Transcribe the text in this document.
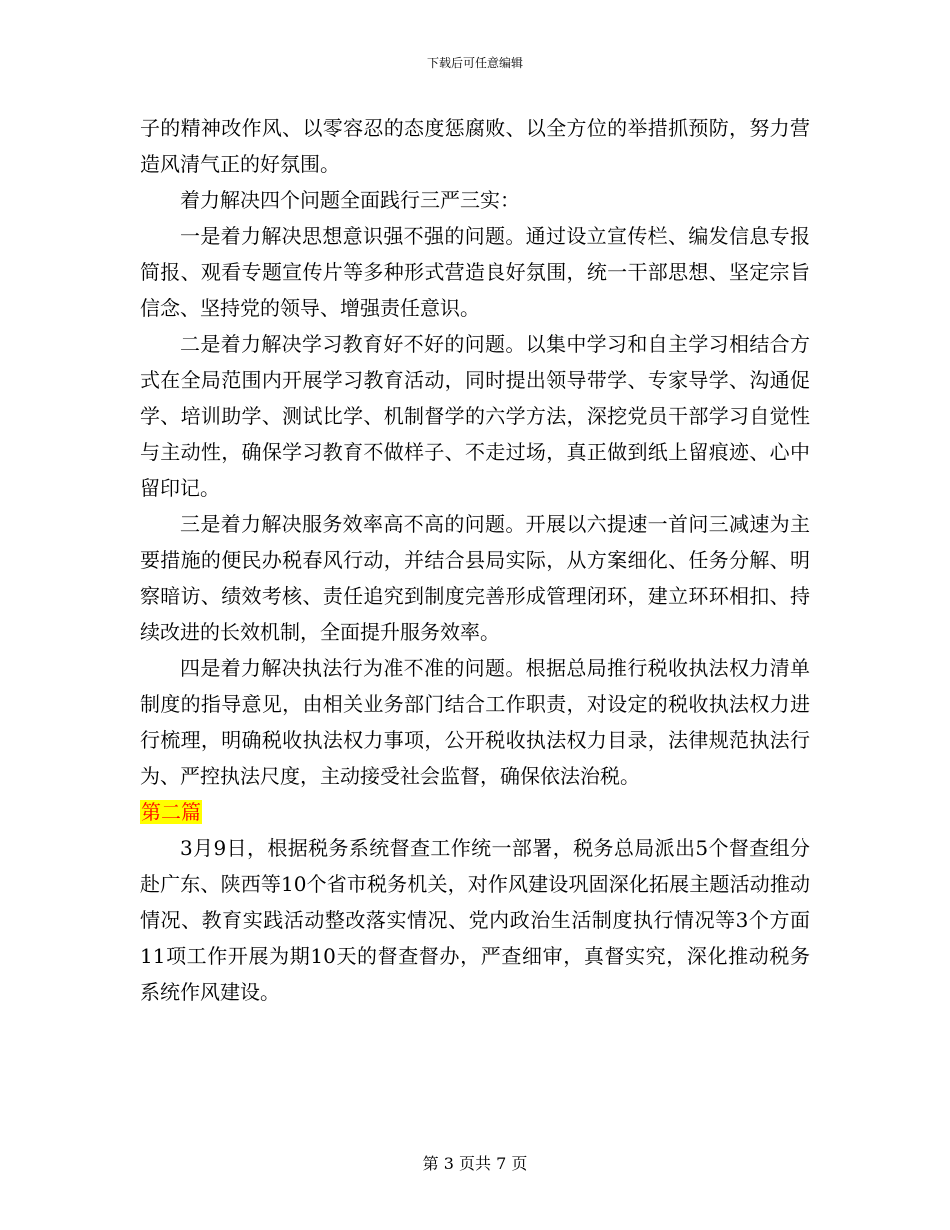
下载后可任意编辑

子的精神改作风、以零容忍的态度惩腐败、以全方位的举措抓预防，努力营造风清气正的好氛围。

着力解决四个问题全面践行三严三实：

一是着力解决思想意识强不强的问题。通过设立宣传栏、编发信息专报简报、观看专题宣传片等多种形式营造良好氛围，统一干部思想、坚定宗旨信念、坚持党的领导、增强责任意识。

二是着力解决学习教育好不好的问题。以集中学习和自主学习相结合方式在全局范围内开展学习教育活动，同时提出领导带学、专家导学、沟通促学、培训助学、测试比学、机制督学的六学方法，深挖党员干部学习自觉性与主动性，确保学习教育不做样子、不走过场，真正做到纸上留痕迹、心中留印记。

三是着力解决服务效率高不高的问题。开展以六提速一首问三减速为主要措施的便民办税春风行动，并结合县局实际，从方案细化、任务分解、明察暗访、绩效考核、责任追究到制度完善形成管理闭环，建立环环相扣、持续改进的长效机制，全面提升服务效率。

四是着力解决执法行为准不准的问题。根据总局推行税收执法权力清单制度的指导意见，由相关业务部门结合工作职责，对设定的税收执法权力进行梳理，明确税收执法权力事项，公开税收执法权力目录，法律规范执法行为、严控执法尺度，主动接受社会监督，确保依法治税。

第二篇

3月9日，根据税务系统督查工作统一部署，税务总局派出5个督查组分赴广东、陕西等10个省市税务机关，对作风建设巩固深化拓展主题活动推动情况、教育实践活动整改落实情况、党内政治生活制度执行情况等3个方面11项工作开展为期10天的督查督办，严查细审，真督实究，深化推动税务系统作风建设。

第 3 页共 7 页
